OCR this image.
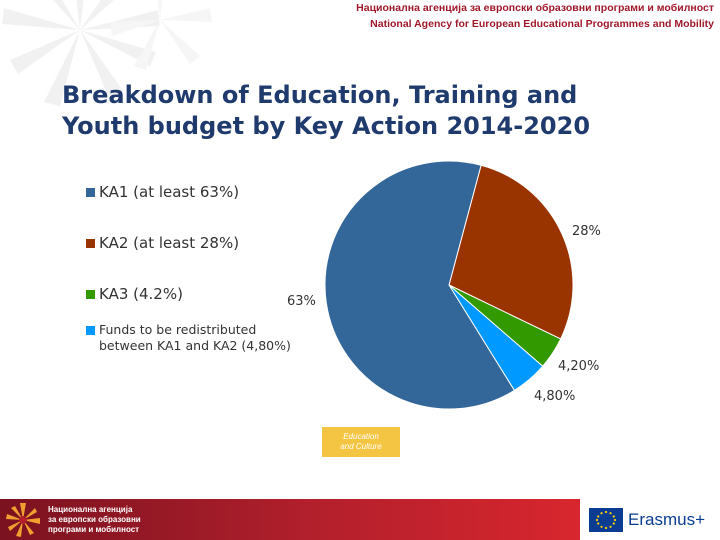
Национална агенција за европски образовни програми и мобилност
National Agency for European Educational Programmes and Mobility
Breakdown of Education, Training and
Youth budget by Key Action 2014-2020
KA1 (at least 63%)
KA2 (at least 28%)
KA3 (4.2%)
Funds to be redistributed
between KA1 and KA2 (4,80%)
63%
28%
4,20%
4,80%
Education
and Culture
Национална агенција
за европски образовни
програми и мобилност
Erasmus+
